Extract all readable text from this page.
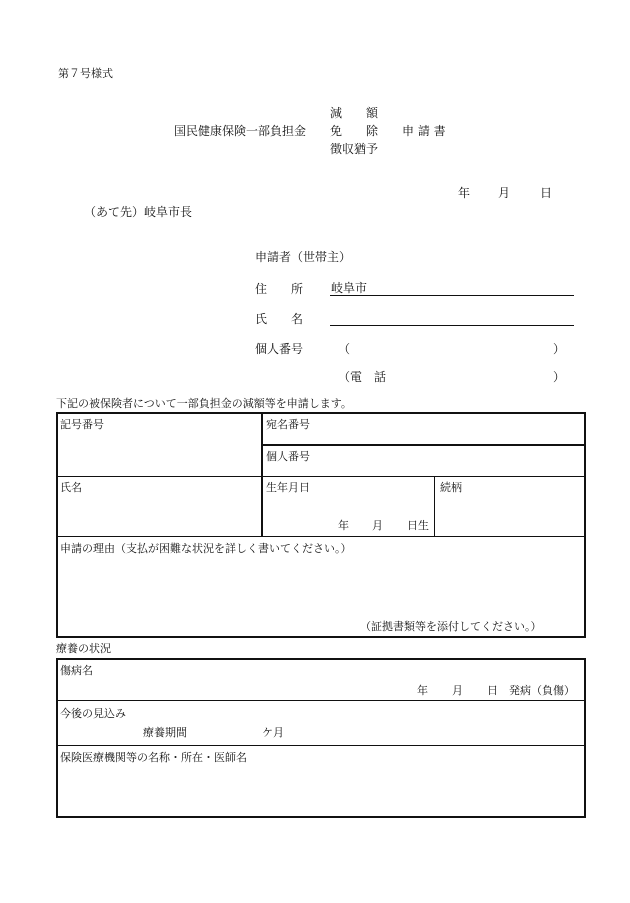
第７号様式
国民健康保険一部負担金
減　　額
免　　除
徴収猶予
申 請 書
年 月 日
（あて先）岐阜市長
申請者（世帯主）
住　　所 岐阜市
氏　　名
個人番号	（	）
（電　話	）
下記の被保険者について一部負担金の減額等を申請します。
記号番号	宛名番号
個人番号
氏名	生年月日
年 月 日生
続柄
申請の理由（支払が困難な状況を詳しく書いてください。）
（証拠書類等を添付してください。）
療養の状況
傷病名
年 月 日　発病（負傷）
今後の見込み
療養期間	ケ月
保険医療機関等の名称・所在・医師名
